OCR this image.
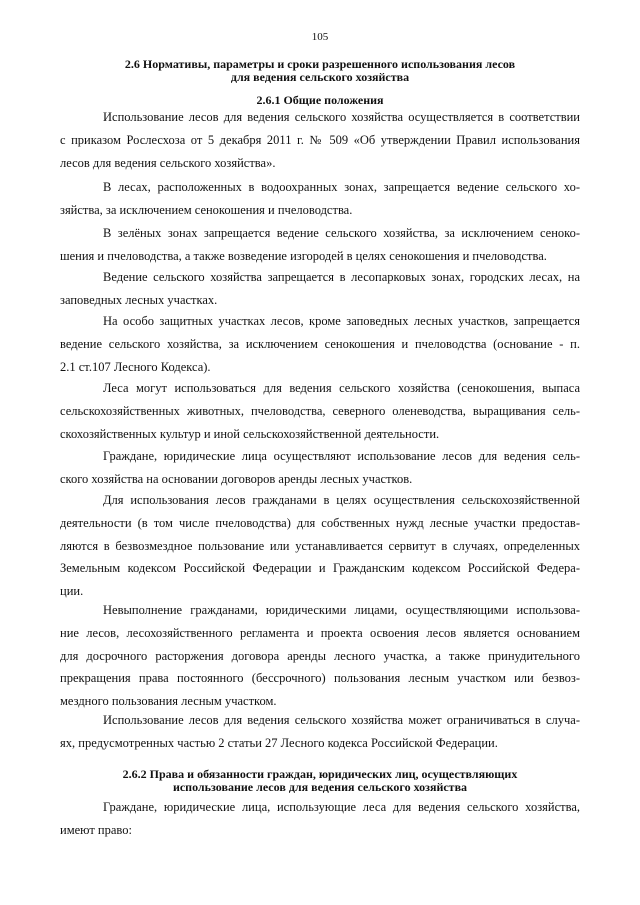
105
2.6 Нормативы, параметры и сроки разрешенного использования лесов
для ведения сельского хозяйства
2.6.1 Общие положения
Использование лесов для ведения сельского хозяйства осуществляется в соответствии
с приказом Рослесхоза от 5 декабря 2011 г. № 509 «Об утверждении Правил использования
лесов для ведения сельского хозяйства».
В лесах, расположенных в водоохранных зонах, запрещается ведение сельского хо-
зяйства, за исключением сенокошения и пчеловодства.
В зелёных зонах запрещается ведение сельского хозяйства, за исключением сеноко-
шения и пчеловодства, а также возведение изгородей в целях сенокошения и пчеловодства.
Ведение сельского хозяйства запрещается в лесопарковых зонах, городских лесах, на
заповедных лесных участках.
На особо защитных участках лесов, кроме заповедных лесных участков, запрещается
ведение сельского хозяйства, за исключением сенокошения и пчеловодства (основание - п.
2.1 ст.107 Лесного Кодекса).
Леса могут использоваться для ведения сельского хозяйства (сенокошения, выпаса
сельскохозяйственных животных, пчеловодства, северного оленеводства, выращивания сель-
скохозяйственных культур и иной сельскохозяйственной деятельности.
Граждане, юридические лица осуществляют использование лесов для ведения сель-
ского хозяйства на основании договоров аренды лесных участков.
Для использования лесов гражданами в целях осуществления сельскохозяйственной
деятельности (в том числе пчеловодства) для собственных нужд лесные участки предостав-
ляются в безвозмездное пользование или устанавливается сервитут в случаях, определенных
Земельным кодексом Российской Федерации и Гражданским кодексом Российской Федера-
ции.
Невыполнение гражданами, юридическими лицами, осуществляющими использова-
ние лесов, лесохозяйственного регламента и проекта освоения лесов является основанием
для досрочного расторжения договора аренды лесного участка, а также принудительного
прекращения права постоянного (бессрочного) пользования лесным участком или безвоз-
мездного пользования лесным участком.
Использование лесов для ведения сельского хозяйства может ограничиваться в случа-
ях, предусмотренных частью 2 статьи 27 Лесного кодекса Российской Федерации.
2.6.2 Права и обязанности граждан, юридических лиц, осуществляющих
использование лесов для ведения сельского хозяйства
Граждане, юридические лица, использующие леса для ведения сельского хозяйства,
имеют право:
